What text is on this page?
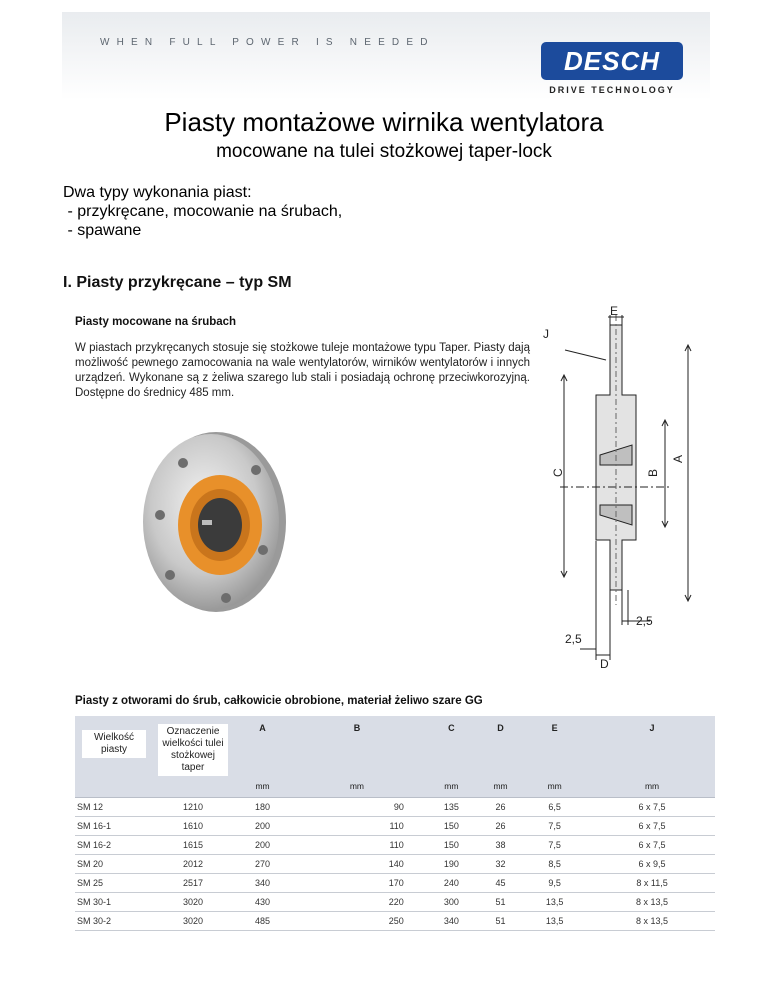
WHEN FULL POWER IS NEEDED
DESCH
DRIVE TECHNOLOGY
Piasty montażowe wirnika wentylatora
mocowane na tulei stożkowej taper-lock
Dwa typy wykonania piast:
- przykręcane, mocowanie na śrubach,
- spawane
I. Piasty przykręcane – typ SM
Piasty mocowane na śrubach
W piastach przykręcanych stosuje się stożkowe tuleje montażowe typu Taper. Piasty dają możliwość pewnego zamocowania na wale wentylatorów, wirników wentylatorów i innych urządzeń. Wykonane są z żeliwa szarego lub stali i posiadają ochronę przeciwkorozyjną. Dostępne do średnicy 485 mm.
E
J
C	B
A
2,5
2,5
D
Piasty z otworami do śrub, całkowicie obrobione, materiał żeliwo szare GG
Wielkość piasty	Oznaczenie wielkości tulei stożkowej taper	A
mm	B
mm	C
mm	D
mm	E
mm	J
mm

SM 12	1210	180	90	135	26	6,5	6 x 7,5
SM 16-1	1610	200	110	150	26	7,5	6 x 7,5
SM 16-2	1615	200	110	150	38	7,5	6 x 7,5
SM 20	2012	270	140	190	32	8,5	6 x 9,5
SM 25	2517	340	170	240	45	9,5	8 x 11,5
SM 30-1	3020	430	220	300	51	13,5	8 x 13,5
SM 30-2	3020	485	250	340	51	13,5	8 x 13,5
